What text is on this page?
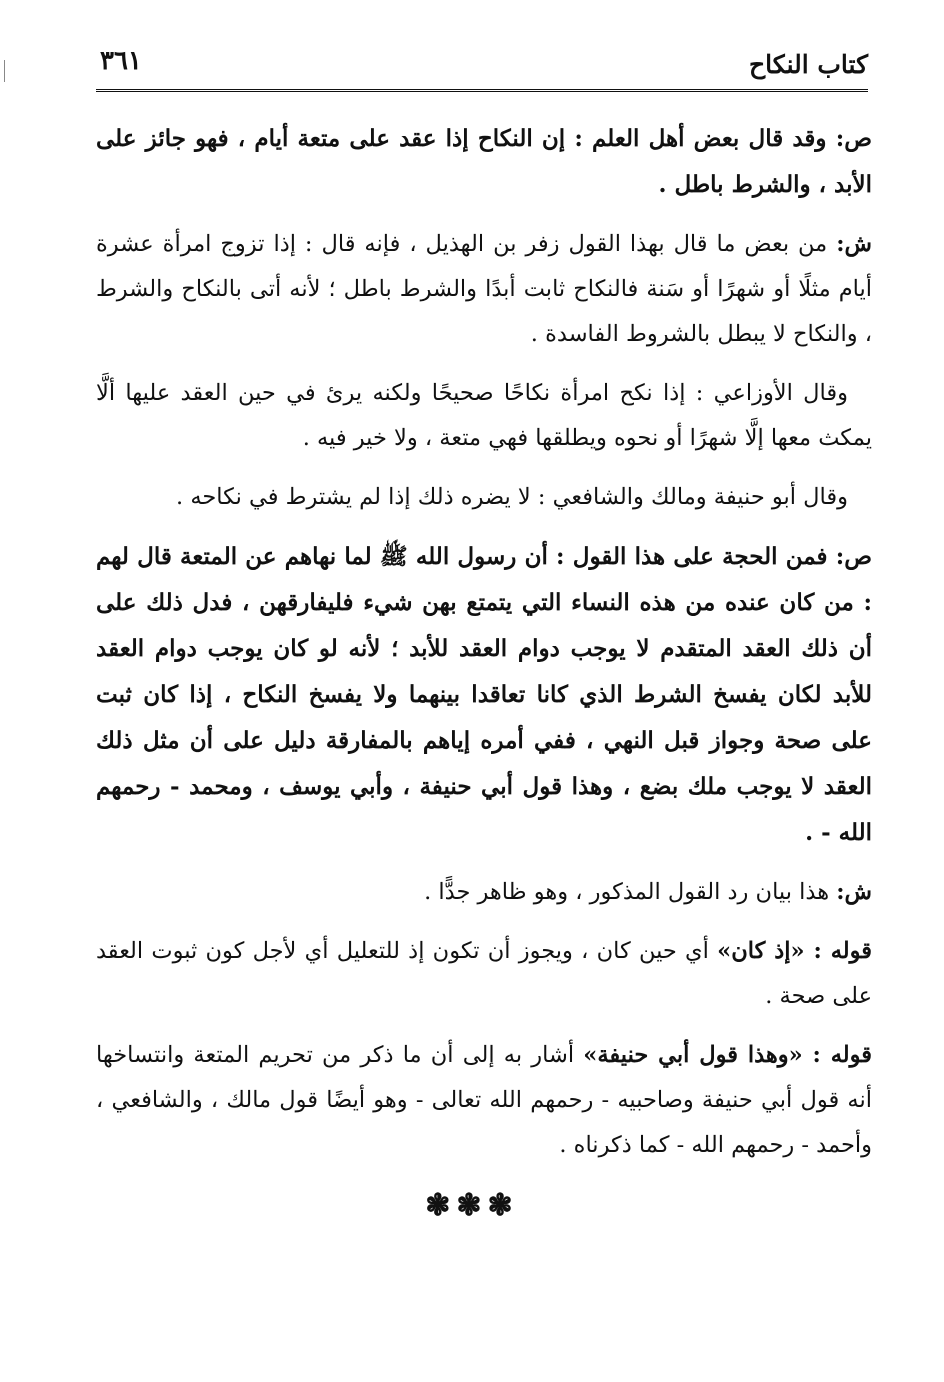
كتاب النكاح
٣٦١

ص: وقد قال بعض أهل العلم : إن النكاح إذا عقد على متعة أيام ، فهو جائز على الأبد ، والشرط باطل .

ش: من بعض ما قال بهذا القول زفر بن الهذيل ، فإنه قال : إذا تزوج امرأة عشرة أيام مثلًا أو شهرًا أو سَنة فالنكاح ثابت أبدًا والشرط باطل ؛ لأنه أتى بالنكاح والشرط ، والنكاح لا يبطل بالشروط الفاسدة .

وقال الأوزاعي : إذا نكح امرأة نكاحًا صحيحًا ولكنه يرئ في حين العقد عليها ألَّا يمكث معها إلَّا شهرًا أو نحوه ويطلقها فهي متعة ، ولا خير فيه .

وقال أبو حنيفة ومالك والشافعي : لا يضره ذلك إذا لم يشترط في نكاحه .

ص: فمن الحجة على هذا القول : أن رسول الله ﷺ لما نهاهم عن المتعة قال لهم : من كان عنده من هذه النساء التي يتمتع بهن شيء فليفارقهن ، فدل ذلك على أن ذلك العقد المتقدم لا يوجب دوام العقد للأبد ؛ لأنه لو كان يوجب دوام العقد للأبد لكان يفسخ الشرط الذي كانا تعاقدا بينهما ولا يفسخ النكاح ، إذا كان ثبت على صحة وجواز قبل النهي ، ففي أمره إياهم بالمفارقة دليل على أن مثل ذلك العقد لا يوجب ملك بضع ، وهذا قول أبي حنيفة ، وأبي يوسف ، ومحمد - رحمهم الله - .

ش: هذا بيان رد القول المذكور ، وهو ظاهر جدًّا .

قوله : «إذ كان» أي حين كان ، ويجوز أن تكون إذ للتعليل أي لأجل كون ثبوت العقد على صحة .

قوله : «وهذا قول أبي حنيفة» أشار به إلى أن ما ذكر من تحريم المتعة وانتساخها أنه قول أبي حنيفة وصاحبيه - رحمهم الله تعالى - وهو أيضًا قول مالك ، والشافعي ، وأحمد - رحمهم الله - كما ذكرناه .

❃❃❃
